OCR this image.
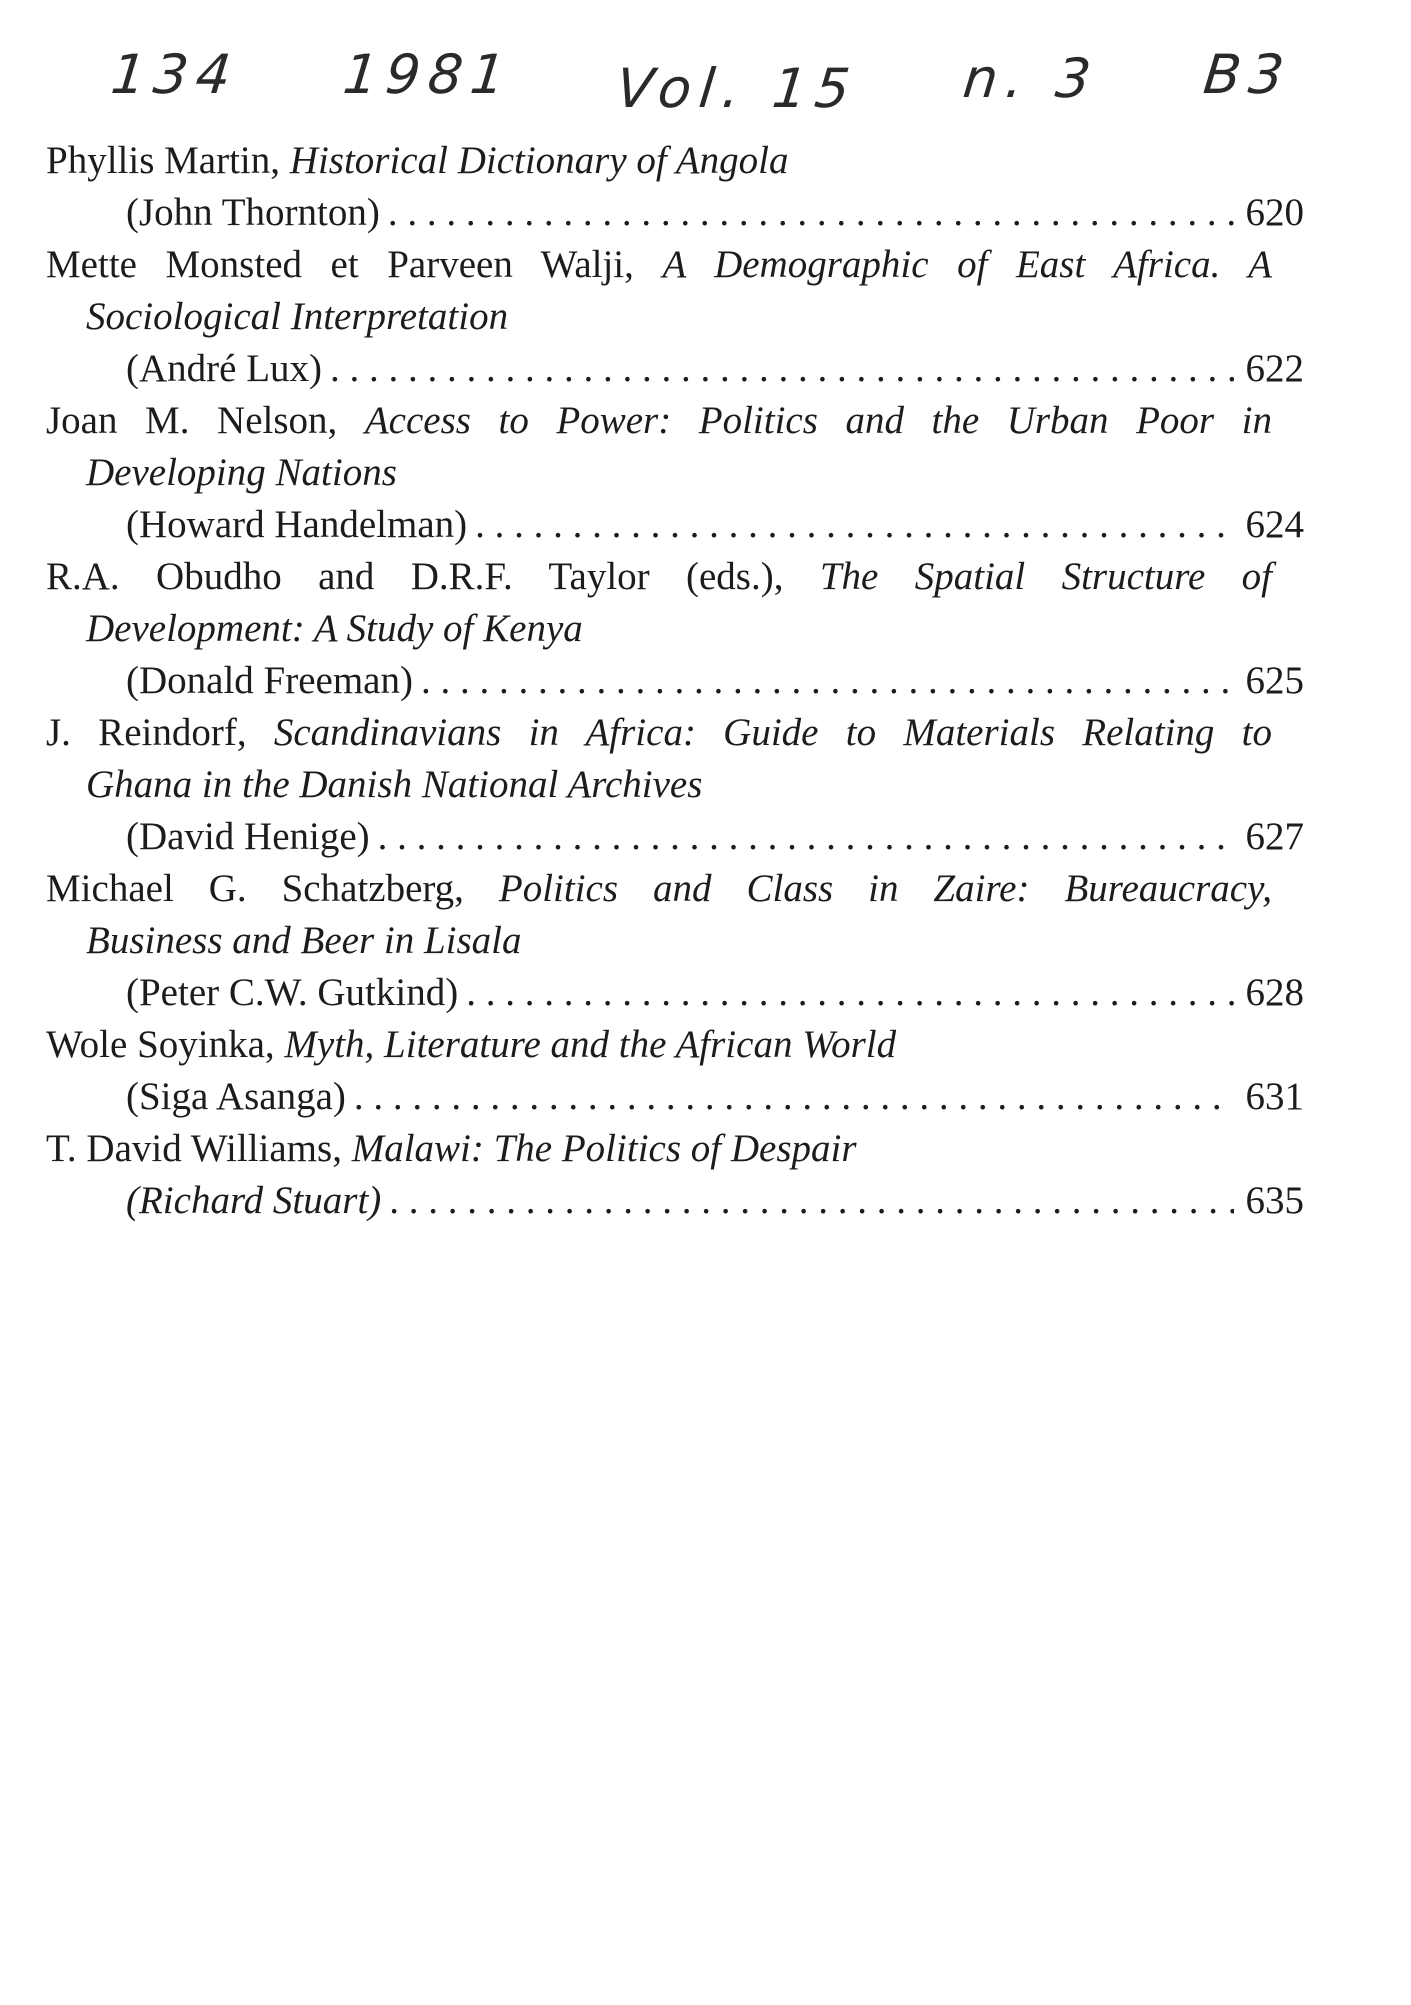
134 1981 Vol. 15 n. 3 B3
Phyllis Martin, Historical Dictionary of Angola
(John Thornton) . . .	620
Mette Monsted et Parveen Walji, A Demographic of East Africa. A
Sociological Interpretation
(André Lux) . . .	622
Joan M. Nelson, Access to Power: Politics and the Urban Poor in
Developing Nations
(Howard Handelman) . . .	624
R.A. Obudho and D.R.F. Taylor (eds.), The Spatial Structure of
Development: A Study of Kenya
(Donald Freeman) . . .	625
J. Reindorf, Scandinavians in Africa: Guide to Materials Relating to
Ghana in the Danish National Archives
(David Henige) . . .	627
Michael G. Schatzberg, Politics and Class in Zaire: Bureaucracy,
Business and Beer in Lisala
(Peter C.W. Gutkind) . . .	628
Wole Soyinka, Myth, Literature and the African World
(Siga Asanga) . . .	631
T. David Williams, Malawi: The Politics of Despair
(Richard Stuart) . . .	635
